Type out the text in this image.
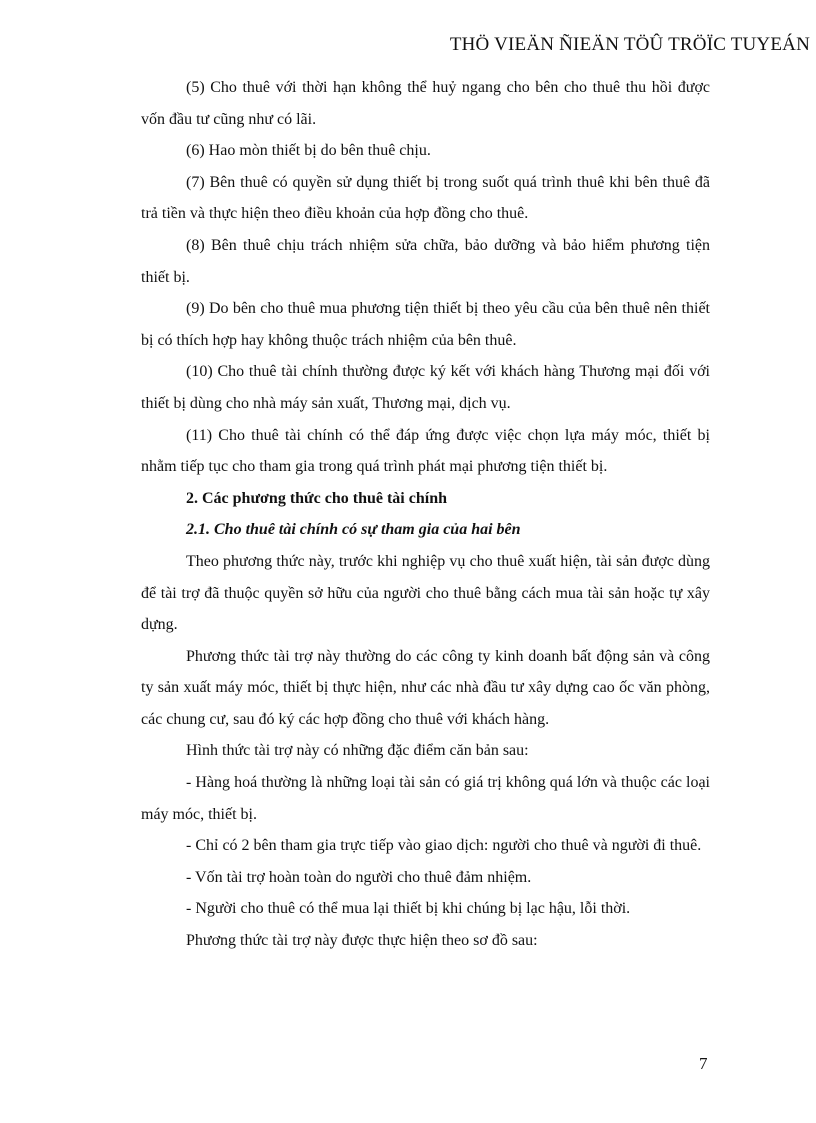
THÖ VIEÄN ÑIEÄN TÖÛ TRÖÏC TUYEÁN

(5) Cho thuê với thời hạn không thể huỷ ngang cho bên cho thuê thu hồi được vốn đầu tư cũng như có lãi.

(6) Hao mòn thiết bị do bên thuê chịu.

(7) Bên thuê có quyền sử dụng thiết bị trong suốt quá trình thuê khi bên thuê đã trả tiền và thực hiện theo điều khoản của hợp đồng cho thuê.

(8) Bên thuê chịu trách nhiệm sửa chữa, bảo dưỡng và bảo hiểm phương tiện thiết bị.

(9) Do bên cho thuê mua phương tiện thiết bị theo yêu cầu của bên thuê nên thiết bị có thích hợp hay không thuộc trách nhiệm của bên thuê.

(10) Cho thuê tài chính thường được ký kết với khách hàng Thương mại đối với thiết bị dùng cho nhà máy sản xuất, Thương mại, dịch vụ.

(11) Cho thuê tài chính có thể đáp ứng được việc chọn lựa máy móc, thiết bị nhằm tiếp tục cho tham gia trong quá trình phát mại phương tiện thiết bị.

2. Các phương thức cho thuê tài chính

2.1. Cho thuê tài chính có sự tham gia của hai bên

Theo phương thức này, trước khi nghiệp vụ cho thuê xuất hiện, tài sản được dùng để tài trợ đã thuộc quyền sở hữu của người cho thuê bằng cách mua tài sản hoặc tự xây dựng.

Phương thức tài trợ này thường do các công ty kinh doanh bất động sản và công ty sản xuất máy móc, thiết bị thực hiện, như các nhà đầu tư xây dựng cao ốc văn phòng, các chung cư, sau đó ký các hợp đồng cho thuê với khách hàng.

Hình thức tài trợ này có những đặc điểm căn bản sau:

- Hàng hoá thường là những loại tài sản có giá trị không quá lớn và thuộc các loại máy móc, thiết bị.

- Chỉ có 2 bên tham gia trực tiếp vào giao dịch: người cho thuê và người đi thuê.

- Vốn tài trợ hoàn toàn do người cho thuê đảm nhiệm.

- Người cho thuê có thể mua lại thiết bị khi chúng bị lạc hậu, lỗi thời.

Phương thức tài trợ này được thực hiện theo sơ đồ sau:

7
